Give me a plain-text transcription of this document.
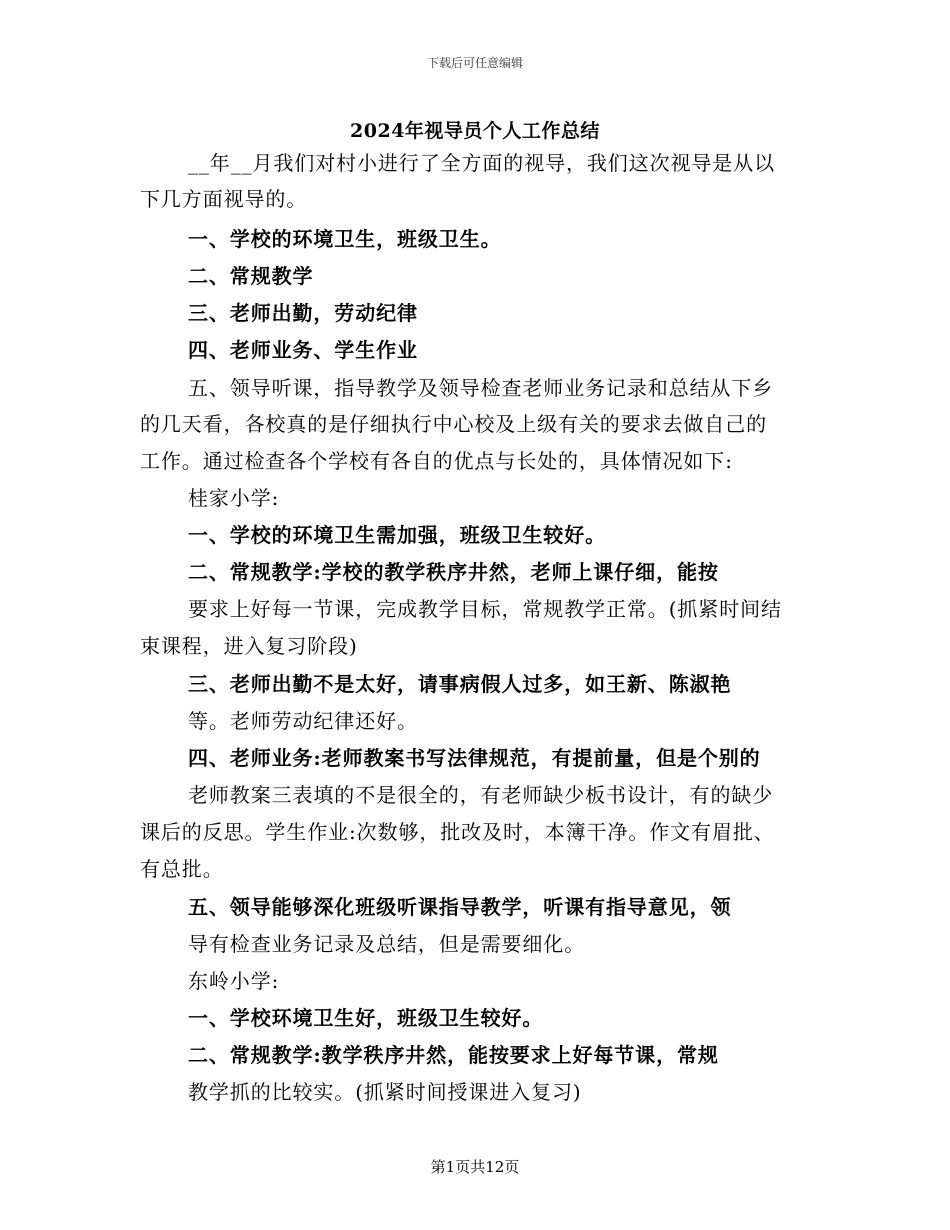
下载后可任意编辑
2024年视导员个人工作总结
__年__月我们对村小进行了全方面的视导，我们这次视导是从以
下几方面视导的。
一、学校的环境卫生，班级卫生。
二、常规教学
三、老师出勤，劳动纪律
四、老师业务、学生作业
五、领导听课，指导教学及领导检查老师业务记录和总结从下乡
的几天看，各校真的是仔细执行中心校及上级有关的要求去做自己的
工作。通过检查各个学校有各自的优点与长处的，具体情况如下:
桂家小学:
一、学校的环境卫生需加强，班级卫生较好。
二、常规教学:学校的教学秩序井然，老师上课仔细，能按
要求上好每一节课，完成教学目标，常规教学正常。(抓紧时间结
束课程，进入复习阶段)
三、老师出勤不是太好，请事病假人过多，如王新、陈淑艳
等。老师劳动纪律还好。
四、老师业务:老师教案书写法律规范，有提前量，但是个别的
老师教案三表填的不是很全的，有老师缺少板书设计，有的缺少
课后的反思。学生作业:次数够，批改及时，本簿干净。作文有眉批、
有总批。
五、领导能够深化班级听课指导教学，听课有指导意见，领
导有检查业务记录及总结，但是需要细化。
东岭小学:
一、学校环境卫生好，班级卫生较好。
二、常规教学:教学秩序井然，能按要求上好每节课，常规
教学抓的比较实。(抓紧时间授课进入复习)
第1页共12页
